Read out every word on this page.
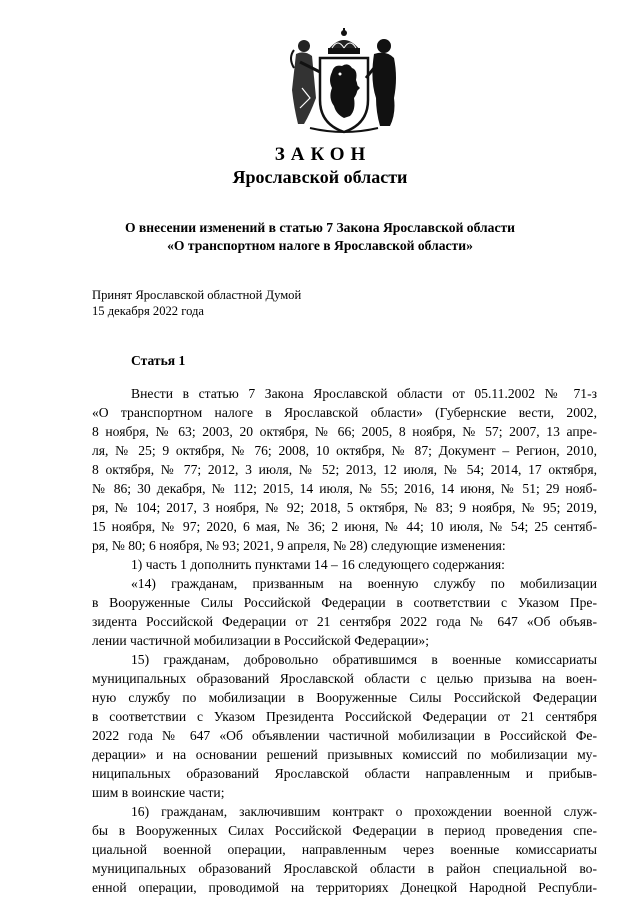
ЗАКОН
Ярославской области
О внесении изменений в статью 7 Закона Ярославской области
«О транспортном налоге в Ярославской области»
Принят Ярославской областной Думой
15 декабря 2022 года
Статья 1
Внести в статью 7 Закона Ярославской области от 05.11.2002 № 71-з
«О транспортном налоге в Ярославской области» (Губернские вести, 2002,
8 ноября, № 63; 2003, 20 октября, № 66; 2005, 8 ноября, № 57; 2007, 13 апре-
ля, № 25; 9 октября, № 76; 2008, 10 октября, № 87; Документ – Регион, 2010,
8 октября, № 77; 2012, 3 июля, № 52; 2013, 12 июля, № 54; 2014, 17 октября,
№ 86; 30 декабря, № 112; 2015, 14 июля, № 55; 2016, 14 июня, № 51; 29 нояб-
ря, № 104; 2017, 3 ноября, № 92; 2018, 5 октября, № 83; 9 ноября, № 95; 2019,
15 ноября, № 97; 2020, 6 мая, № 36; 2 июня, № 44; 10 июля, № 54; 25 сентяб-
ря, № 80; 6 ноября, № 93; 2021, 9 апреля, № 28) следующие изменения:
1) часть 1 дополнить пунктами 14 – 16 следующего содержания:
«14) гражданам, призванным на военную службу по мобилизации
в Вооруженные Силы Российской Федерации в соответствии с Указом Пре-
зидента Российской Федерации от 21 сентября 2022 года № 647 «Об объяв-
лении частичной мобилизации в Российской Федерации»;
15) гражданам, добровольно обратившимся в военные комиссариаты
муниципальных образований Ярославской области с целью призыва на воен-
ную службу по мобилизации в Вооруженные Силы Российской Федерации
в соответствии с Указом Президента Российской Федерации от 21 сентября
2022 года № 647 «Об объявлении частичной мобилизации в Российской Фе-
дерации» и на основании решений призывных комиссий по мобилизации му-
ниципальных образований Ярославской области направленным и прибыв-
шим в воинские части;
16) гражданам, заключившим контракт о прохождении военной служ-
бы в Вооруженных Силах Российской Федерации в период проведения спе-
циальной военной операции, направленным через военные комиссариаты
муниципальных образований Ярославской области в район специальной во-
енной операции, проводимой на территориях Донецкой Народной Республи-
